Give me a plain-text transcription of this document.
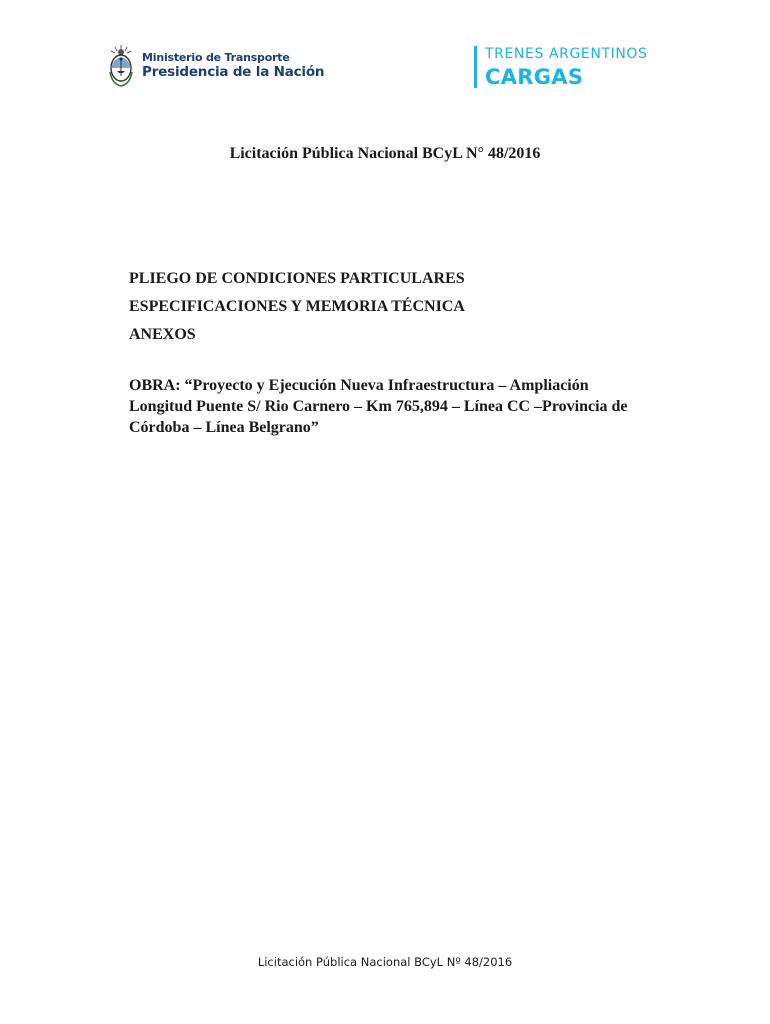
Ministerio de Transporte
Presidencia de la Nación
TRENES ARGENTINOS
CARGAS
Licitación Pública Nacional BCyL N° 48/2016
PLIEGO DE CONDICIONES PARTICULARES
ESPECIFICACIONES Y MEMORIA TÉCNICA
ANEXOS
OBRA: “Proyecto y Ejecución Nueva Infraestructura – Ampliación Longitud Puente S/ Rio Carnero – Km 765,894 – Línea CC –Provincia de Córdoba – Línea Belgrano”
Licitación Pública Nacional BCyL Nº 48/2016
